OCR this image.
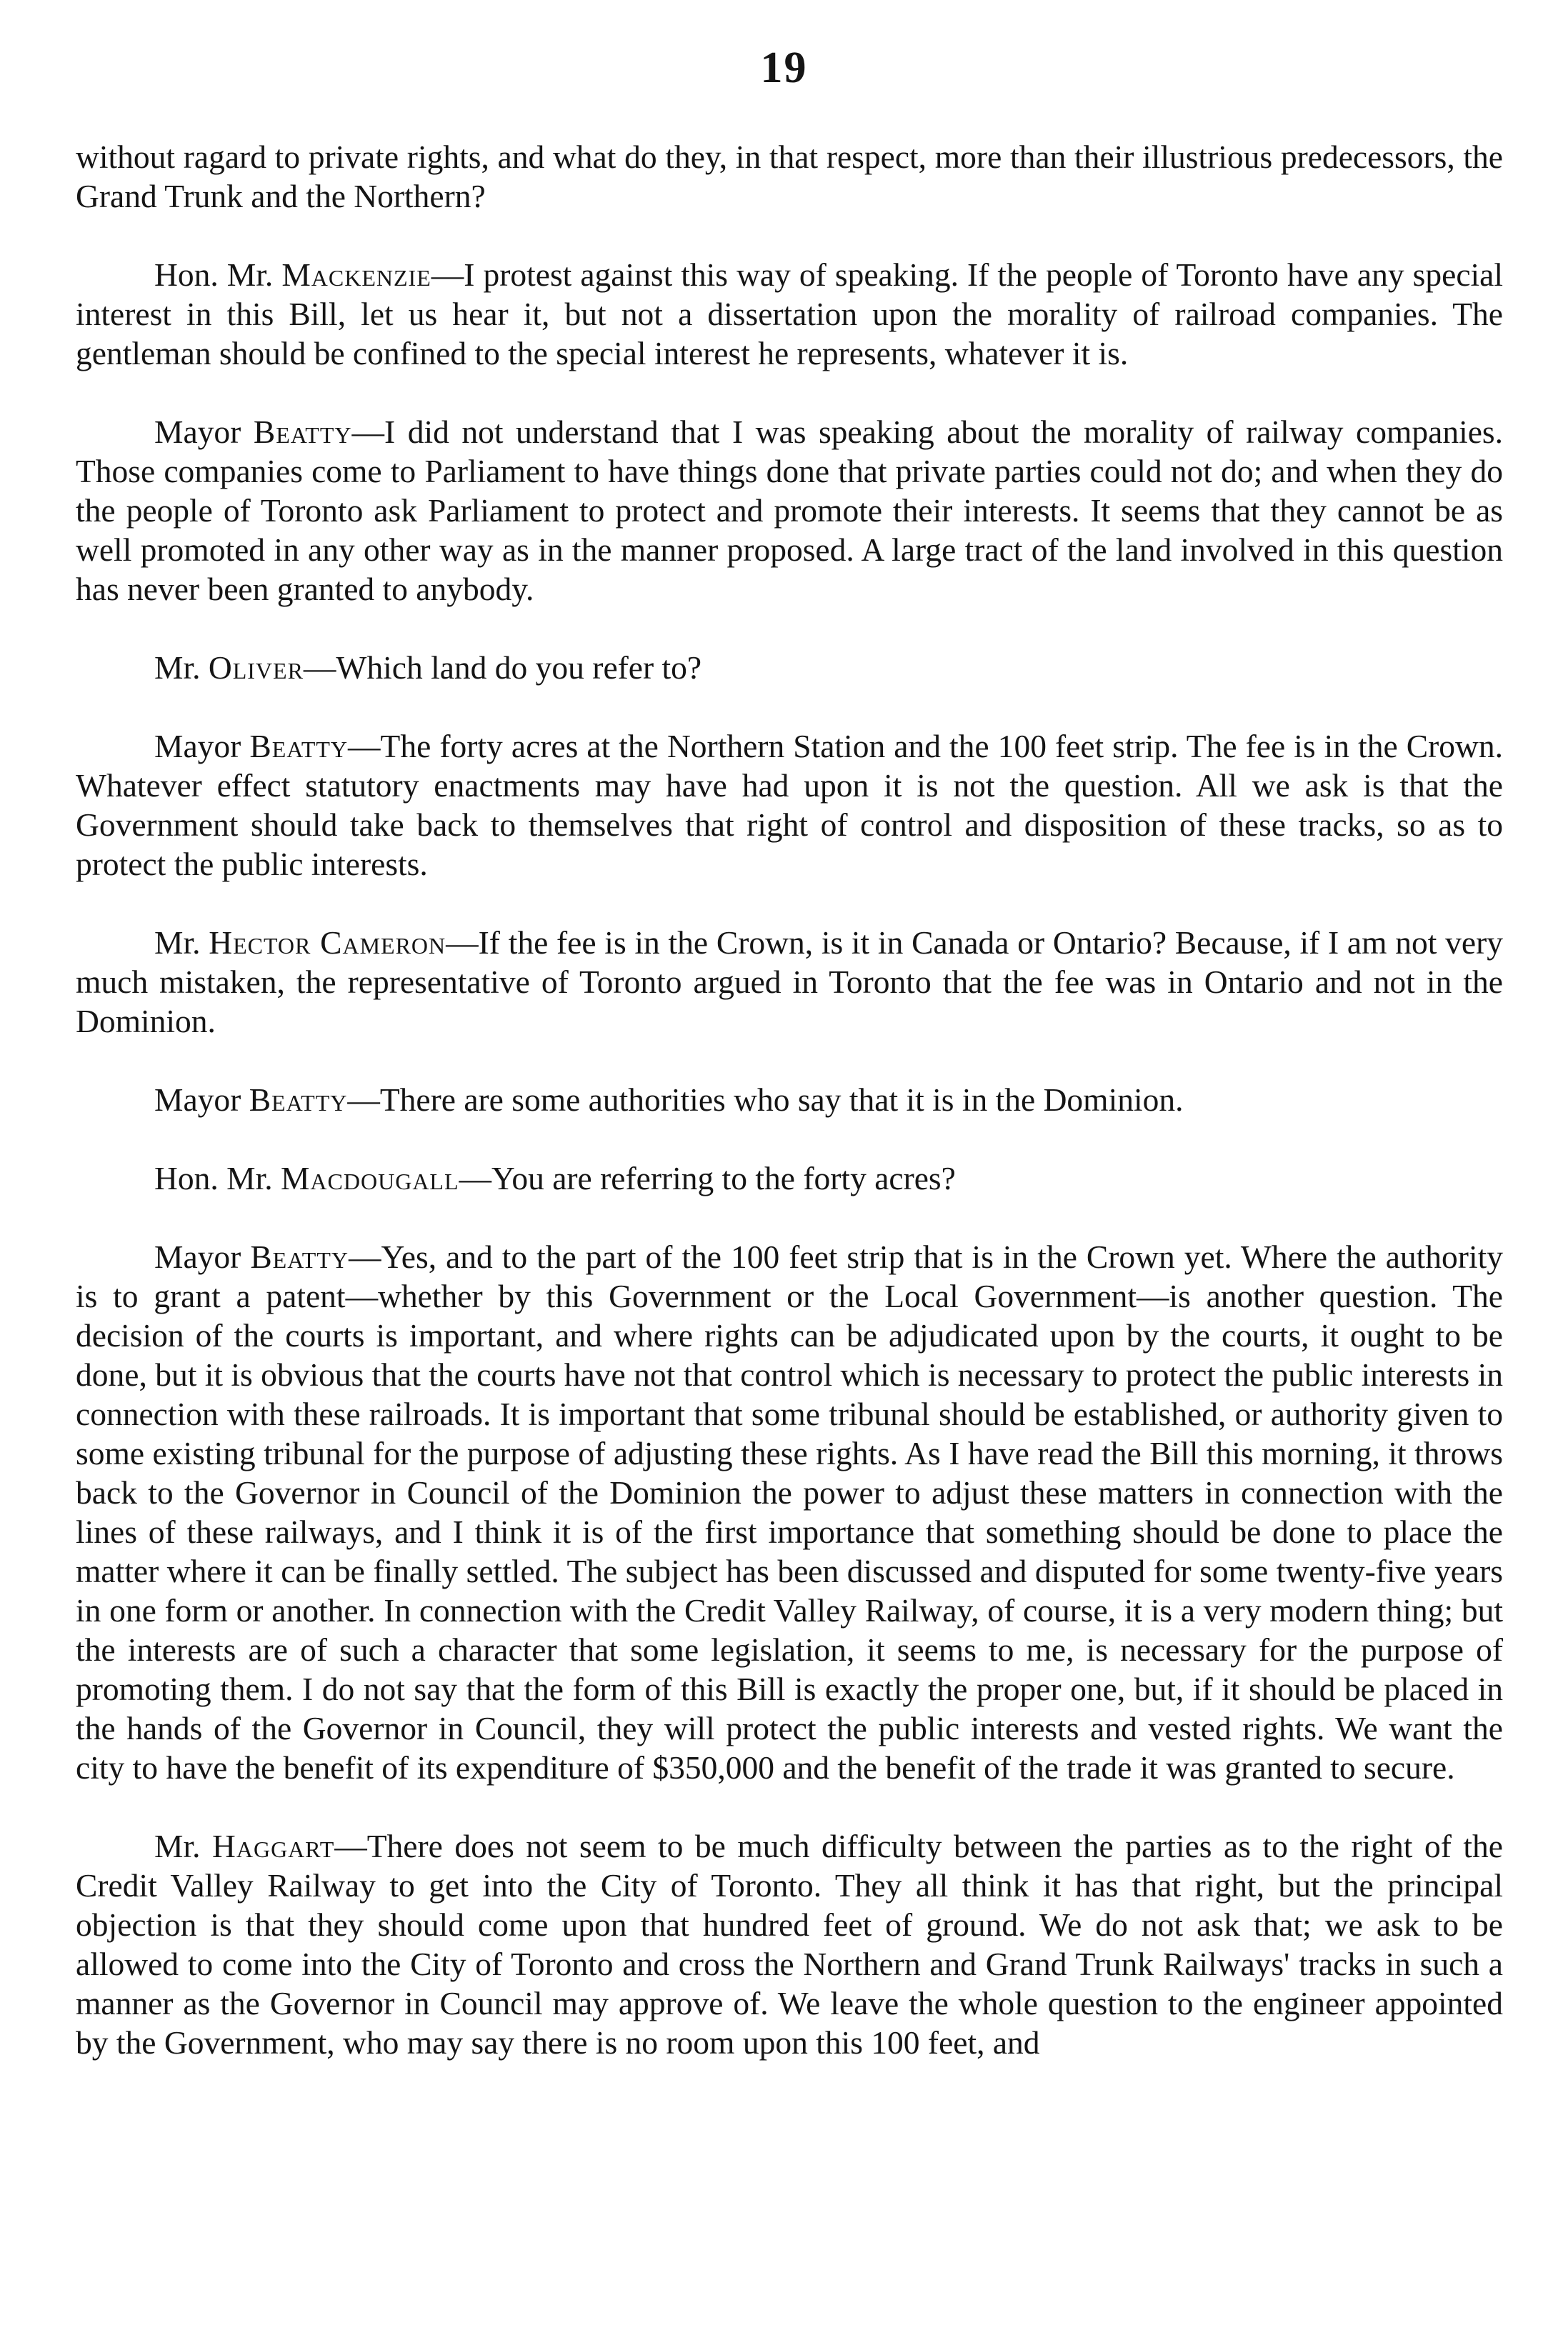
19

without ragard to private rights, and what do they, in that respect, more than their illustrious predecessors, the Grand Trunk and the Northern?

Hon. Mr. Mackenzie—I protest against this way of speaking. If the people of Toronto have any special interest in this Bill, let us hear it, but not a dissertation upon the morality of railroad companies. The gentleman should be confined to the special interest he represents, whatever it is.

Mayor Beatty—I did not understand that I was speaking about the morality of railway companies. Those companies come to Parliament to have things done that private parties could not do; and when they do the people of Toronto ask Parliament to protect and promote their interests. It seems that they cannot be as well promoted in any other way as in the manner proposed. A large tract of the land involved in this question has never been granted to anybody.

Mr. Oliver—Which land do you refer to?

Mayor Beatty—The forty acres at the Northern Station and the 100 feet strip. The fee is in the Crown. Whatever effect statutory enactments may have had upon it is not the question. All we ask is that the Government should take back to themselves that right of control and disposition of these tracks, so as to protect the public interests.

Mr. Hector Cameron—If the fee is in the Crown, is it in Canada or Ontario? Because, if I am not very much mistaken, the representative of Toronto argued in Toronto that the fee was in Ontario and not in the Dominion.

Mayor Beatty—There are some authorities who say that it is in the Dominion.

Hon. Mr. Macdougall—You are referring to the forty acres?

Mayor Beatty—Yes, and to the part of the 100 feet strip that is in the Crown yet. Where the authority is to grant a patent—whether by this Government or the Local Government—is another question. The decision of the courts is important, and where rights can be adjudicated upon by the courts, it ought to be done, but it is obvious that the courts have not that control which is necessary to protect the public interests in connection with these railroads. It is important that some tribunal should be established, or authority given to some existing tribunal for the purpose of adjusting these rights. As I have read the Bill this morning, it throws back to the Governor in Council of the Dominion the power to adjust these matters in connection with the lines of these railways, and I think it is of the first importance that something should be done to place the matter where it can be finally settled. The subject has been discussed and disputed for some twenty-five years in one form or another. In connection with the Credit Valley Railway, of course, it is a very modern thing; but the interests are of such a character that some legislation, it seems to me, is necessary for the purpose of promoting them. I do not say that the form of this Bill is exactly the proper one, but, if it should be placed in the hands of the Governor in Council, they will protect the public interests and vested rights. We want the city to have the benefit of its expenditure of $350,000 and the benefit of the trade it was granted to secure.

Mr. Haggart—There does not seem to be much difficulty between the parties as to the right of the Credit Valley Railway to get into the City of Toronto. They all think it has that right, but the principal objection is that they should come upon that hundred feet of ground. We do not ask that; we ask to be allowed to come into the City of Toronto and cross the Northern and Grand Trunk Railways' tracks in such a manner as the Governor in Council may approve of. We leave the whole question to the engineer appointed by the Government, who may say there is no room upon this 100 feet, and
